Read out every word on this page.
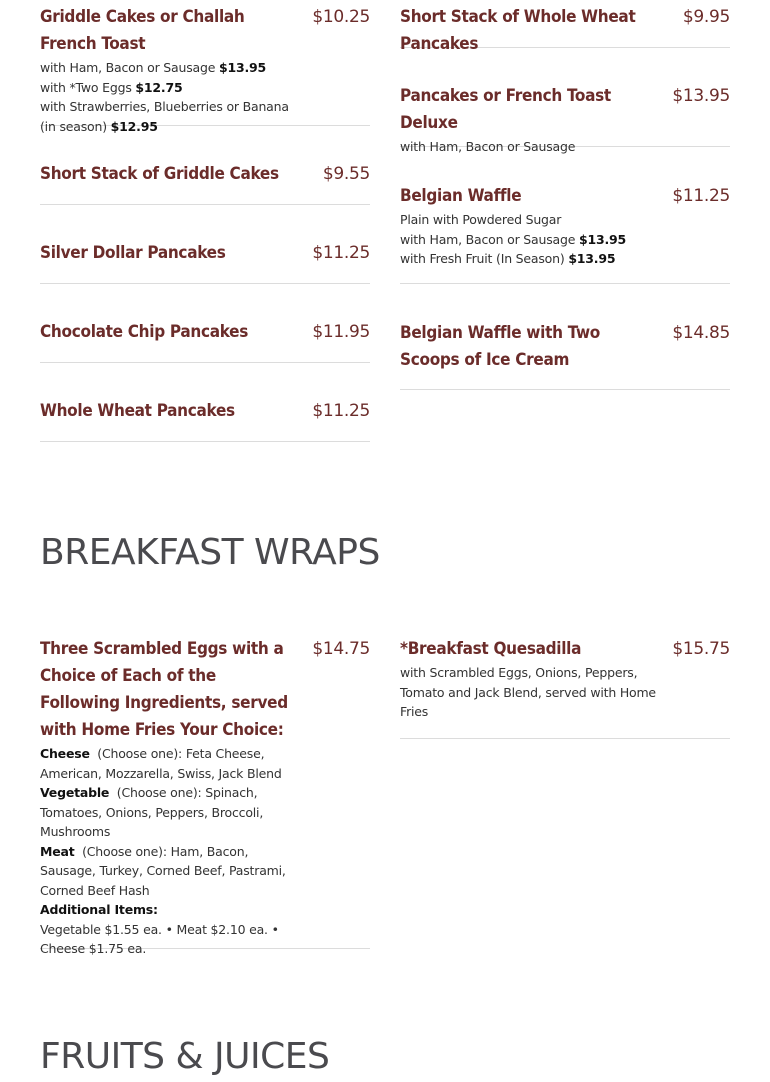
Griddle Cakes or Challah French Toast
$10.25
with Ham, Bacon or Sausage $13.95
with *Two Eggs $12.75
with Strawberries, Blueberries or Banana (in season) $12.95
Short Stack of Griddle Cakes	$9.55
Silver Dollar Pancakes	$11.25
Chocolate Chip Pancakes	$11.95
Whole Wheat Pancakes	$11.25
Short Stack of Whole Wheat Pancakes
$9.95
Pancakes or French Toast Deluxe
$13.95
with Ham, Bacon or Sausage
Belgian Waffle	$11.25
Plain with Powdered Sugar
with Ham, Bacon or Sausage $13.95
with Fresh Fruit (In Season) $13.95
Belgian Waffle with Two Scoops of Ice Cream
$14.85
BREAKFAST WRAPS
Three Scrambled Eggs with a Choice of Each of the Following Ingredients, served with Home Fries Your Choice:
$14.75
Cheese (Choose one): Feta Cheese, American, Mozzarella, Swiss, Jack Blend
Vegetable (Choose one): Spinach, Tomatoes, Onions, Peppers, Broccoli, Mushrooms
Meat (Choose one): Ham, Bacon, Sausage, Turkey, Corned Beef, Pastrami, Corned Beef Hash
Additional Items:
Vegetable $1.55 ea. • Meat $2.10 ea. • Cheese $1.75 ea.
*Breakfast Quesadilla	$15.75
with Scrambled Eggs, Onions, Peppers, Tomato and Jack Blend, served with Home Fries
FRUITS & JUICES
